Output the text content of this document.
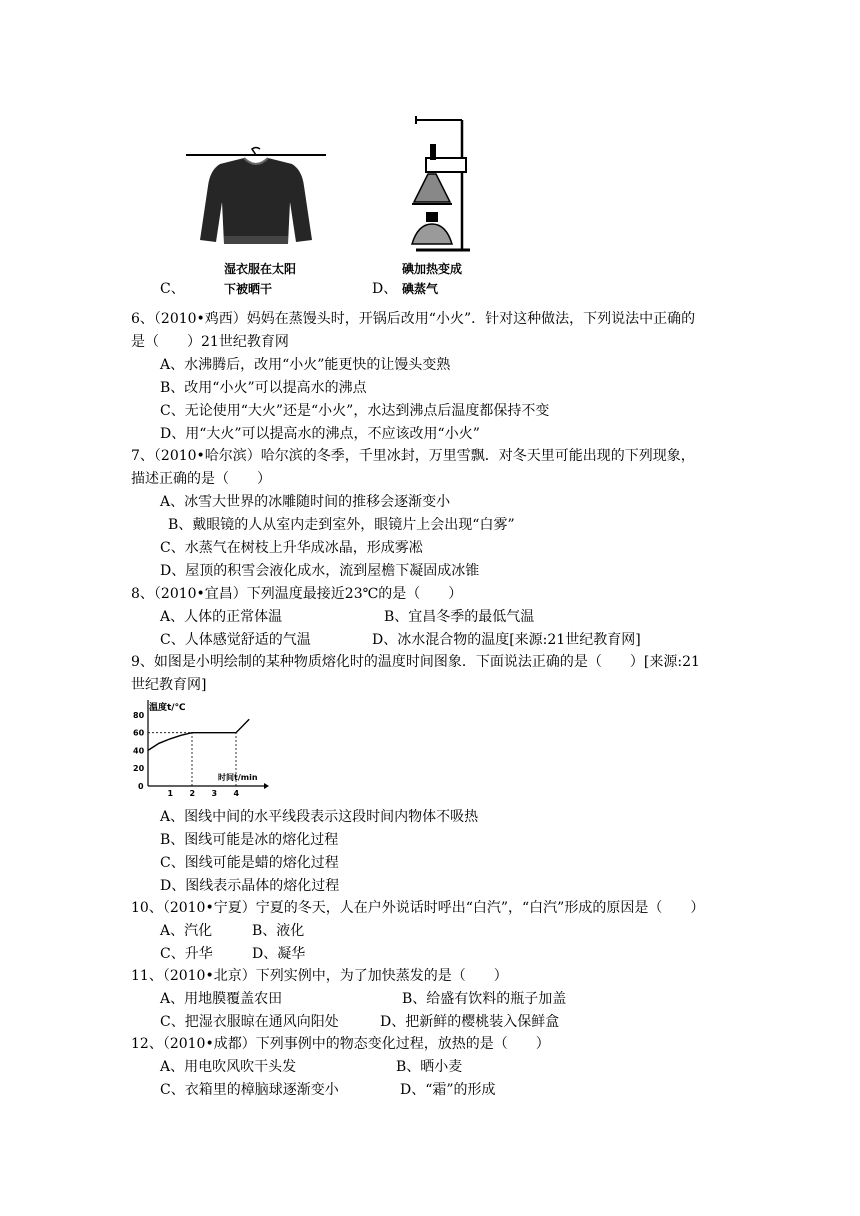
湿衣服在太阳
下被晒干
碘加热变成
碘蒸气
C、	D、
6、（2010•鸡西）妈妈在蒸馒头时，开锅后改用“小火”．针对这种做法，下列说法中正确的
是（　　）21世纪教育网
A、水沸腾后，改用“小火”能更快的让馒头变熟
B、改用“小火”可以提高水的沸点
C、无论使用“大火”还是“小火”，水达到沸点后温度都保持不变
D、用“大火”可以提高水的沸点，不应该改用“小火”
7、（2010•哈尔滨）哈尔滨的冬季，千里冰封，万里雪飘．对冬天里可能出现的下列现象，
描述正确的是（　　）
A、冰雪大世界的冰雕随时间的推移会逐渐变小
B、戴眼镜的人从室内走到室外，眼镜片上会出现“白雾”
C、水蒸气在树枝上升华成冰晶，形成雾凇
D、屋顶的积雪会液化成水，流到屋檐下凝固成冰锥
8、（2010•宜昌）下列温度最接近23℃的是（　　）
A、人体的正常体温	B、宜昌冬季的最低气温
C、人体感觉舒适的气温	D、冰水混合物的温度[来源:21世纪教育网]
9、如图是小明绘制的某种物质熔化时的温度时间图象．下面说法正确的是（　　）[来源:21
世纪教育网]
0
1 2 3 4
20
40
60
80
温度t/℃
时间t/min
A、图线中间的水平线段表示这段时间内物体不吸热
B、图线可能是冰的熔化过程
C、图线可能是蜡的熔化过程
D、图线表示晶体的熔化过程
10、（2010•宁夏）宁夏的冬天，人在户外说话时呼出“白汽”，“白汽”形成的原因是（　　）
A、汽化	B、液化
C、升华	D、凝华
11、（2010•北京）下列实例中，为了加快蒸发的是（　　）
A、用地膜覆盖农田	B、给盛有饮料的瓶子加盖
C、把湿衣服晾在通风向阳处	D、把新鲜的樱桃装入保鲜盒
12、（2010•成都）下列事例中的物态变化过程，放热的是（　　）
A、用电吹风吹干头发	B、晒小麦
C、衣箱里的樟脑球逐渐变小	D、“霜”的形成
